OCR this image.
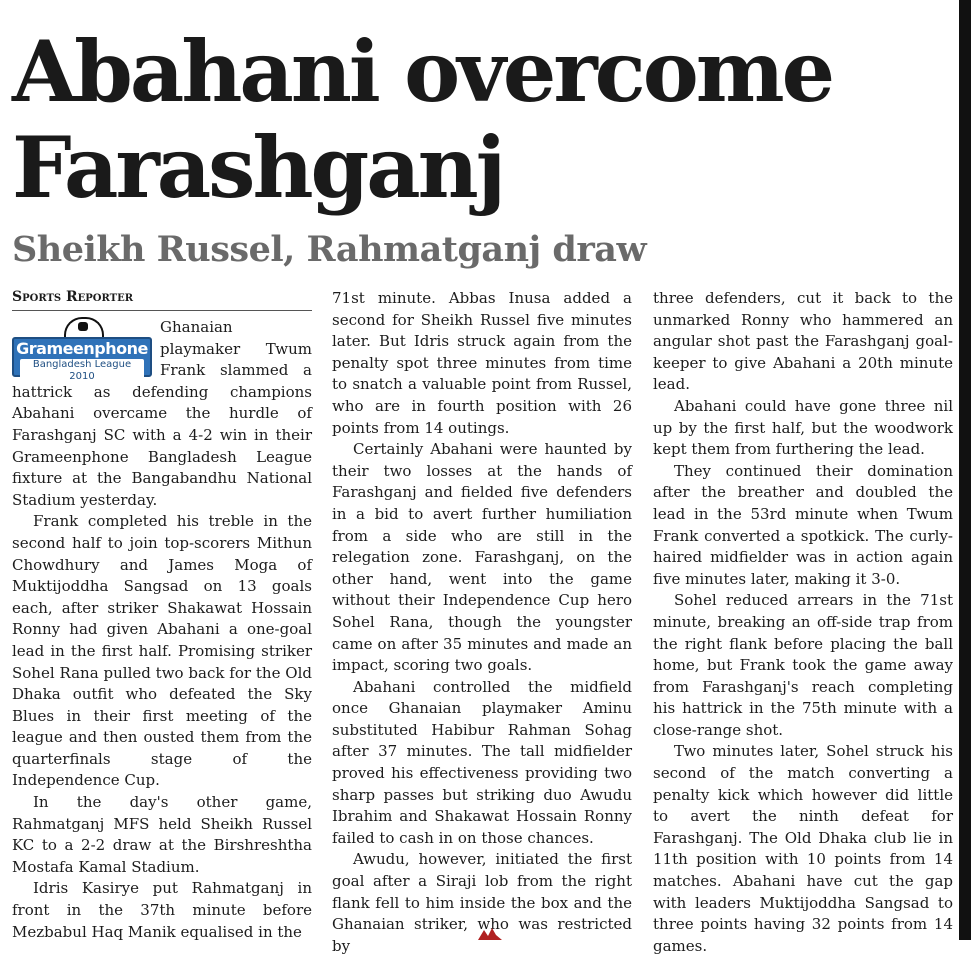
Abahani overcome Farashganj
Sheikh Russel, Rahmatganj draw
Sports Reporter
Grameenphone
Bangladesh League 2010

Ghanaian playmaker Twum Frank slammed a hattrick as defending champions Abahani overcame the hurdle of Farashganj SC with a 4-2 win in their Grameenphone Bangladesh League fixture at the Bangabandhu National Stadium yesterday.

Frank completed his treble in the second half to join top-scorers Mithun Chowdhury and James Moga of Muktijoddha Sangsad on 13 goals each, after striker Shakawat Hossain Ronny had given Abahani a one-goal lead in the first half. Promising striker Sohel Rana pulled two back for the Old Dhaka outfit who defeated the Sky Blues in their first meeting of the league and then ousted them from the quarterfinals stage of the Independence Cup.

In the day's other game, Rahmatganj MFS held Sheikh Russel KC to a 2-2 draw at the Birshreshtha Mostafa Kamal Stadium.

Idris Kasirye put Rahmatganj in front in the 37th minute before Mezbabul Haq Manik equalised in the

71st minute. Abbas Inusa added a second for Sheikh Russel five minutes later. But Idris struck again from the penalty spot three minutes from time to snatch a valuable point from Russel, who are in fourth position with 26 points from 14 outings.

Certainly Abahani were haunted by their two losses at the hands of Farashganj and fielded five defenders in a bid to avert further humiliation from a side who are still in the relegation zone. Farashganj, on the other hand, went into the game without their Independence Cup hero Sohel Rana, though the youngster came on after 35 minutes and made an impact, scoring two goals.

Abahani controlled the midfield once Ghanaian playmaker Aminu substituted Habibur Rahman Sohag after 37 minutes. The tall midfielder proved his effectiveness providing two sharp passes but striking duo Awudu Ibrahim and Shakawat Hossain Ronny failed to cash in on those chances.

Awudu, however, initiated the first goal after a Siraji lob from the right flank fell to him inside the box and the Ghanaian striker, who was restricted by

three defenders, cut it back to the unmarked Ronny who hammered an angular shot past the Farashganj goal-keeper to give Abahani a 20th minute lead.

Abahani could have gone three nil up by the first half, but the woodwork kept them from furthering the lead.

They continued their domination after the breather and doubled the lead in the 53rd minute when Twum Frank converted a spotkick. The curly-haired midfielder was in action again five minutes later, making it 3-0.

Sohel reduced arrears in the 71st minute, breaking an off-side trap from the right flank before placing the ball home, but Frank took the game away from Farashganj's reach completing his hattrick in the 75th minute with a close-range shot.

Two minutes later, Sohel struck his second of the match converting a penalty kick which however did little to avert the ninth defeat for Farashganj. The Old Dhaka club lie in 11th position with 10 points from 14 matches. Abahani have cut the gap with leaders Muktijoddha Sangsad to three points having 32 points from 14 games.
